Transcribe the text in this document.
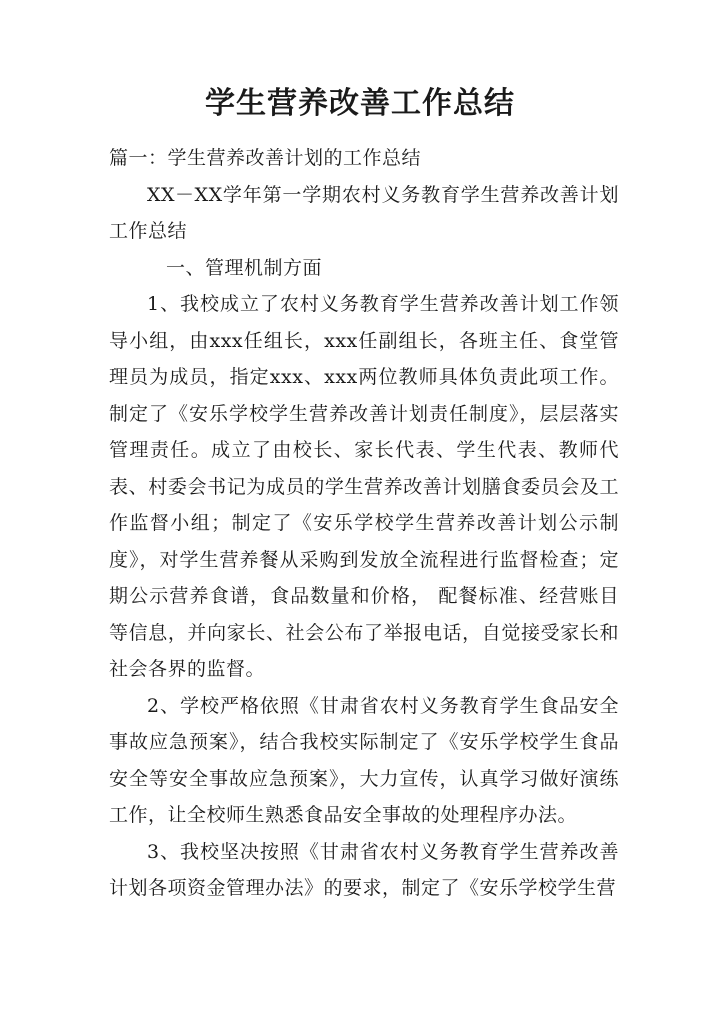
学生营养改善工作总结

篇一：学生营养改善计划的工作总结

XX－XX学年第一学期农村义务教育学生营养改善计划工作总结

一、管理机制方面

1、我校成立了农村义务教育学生营养改善计划工作领导小组，由xxx任组长，xxx任副组长，各班主任、食堂管理员为成员，指定xxx、xxx两位教师具体负责此项工作。制定了《安乐学校学生营养改善计划责任制度》，层层落实管理责任。成立了由校长、家长代表、学生代表、教师代表、村委会书记为成员的学生营养改善计划膳食委员会及工作监督小组；制定了《安乐学校学生营养改善计划公示制度》，对学生营养餐从采购到发放全流程进行监督检查；定期公示营养食谱，食品数量和价格， 配餐标准、经营账目等信息，并向家长、社会公布了举报电话，自觉接受家长和社会各界的监督。

2、学校严格依照《甘肃省农村义务教育学生食品安全事故应急预案》，结合我校实际制定了《安乐学校学生食品安全等安全事故应急预案》，大力宣传，认真学习做好演练工作，让全校师生熟悉食品安全事故的处理程序办法。

3、我校坚决按照《甘肃省农村义务教育学生营养改善计划各项资金管理办法》的要求，制定了《安乐学校学生营
